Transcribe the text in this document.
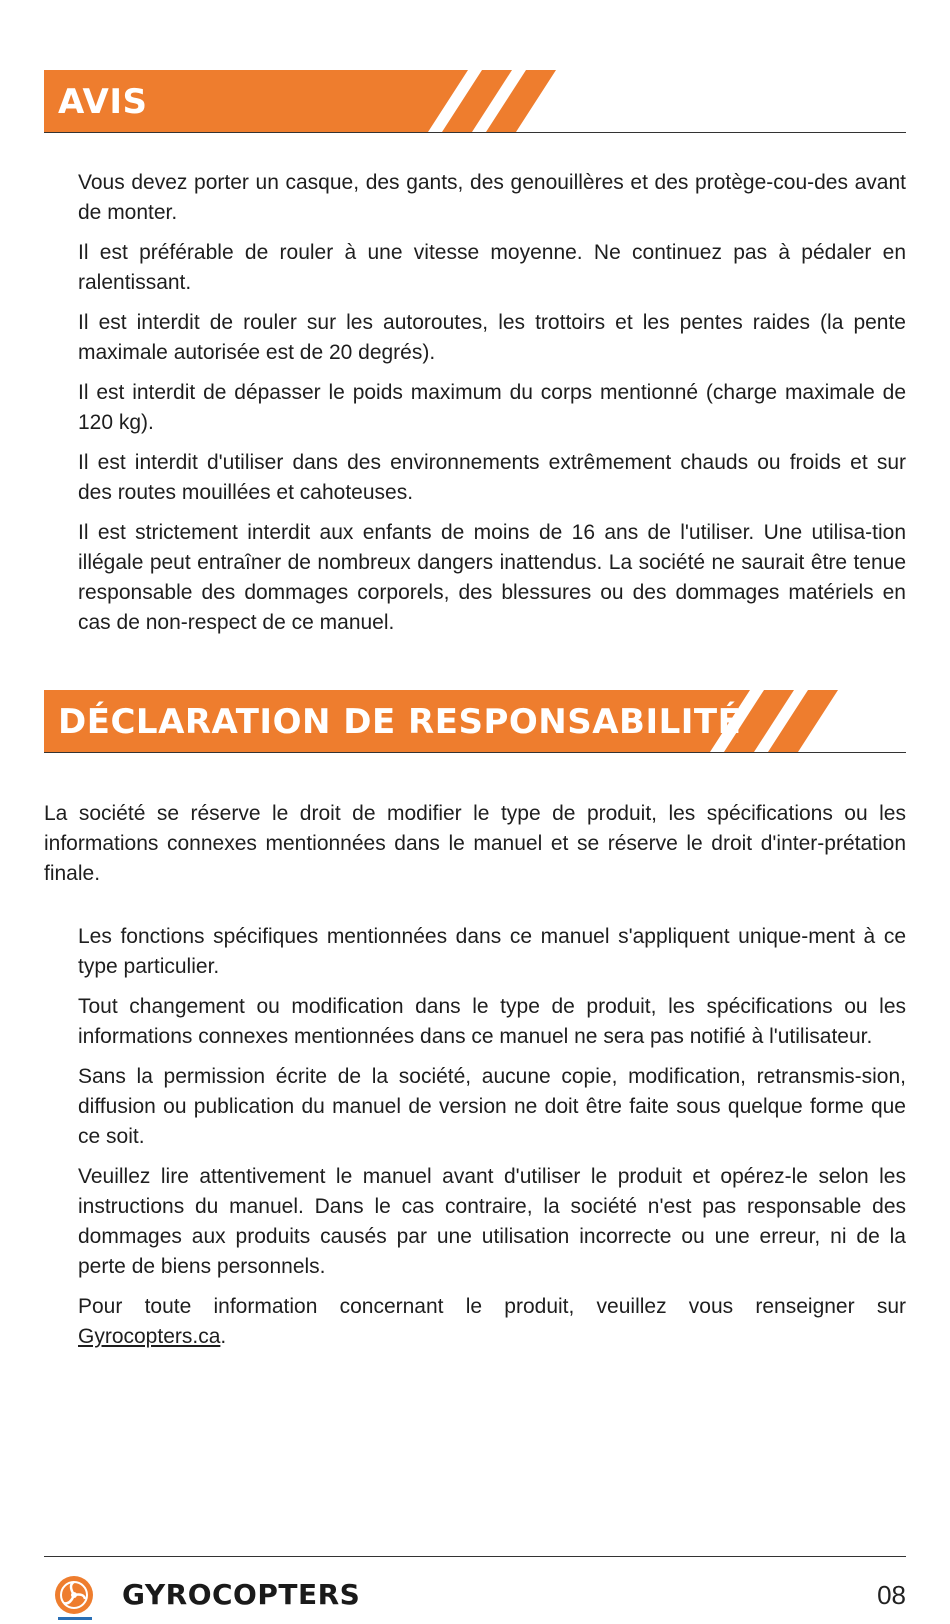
AVIS

Vous devez porter un casque, des gants, des genouillères et des protège-cou-des avant de monter.

Il est préférable de rouler à une vitesse moyenne. Ne continuez pas à pédaler en ralentissant.

Il est interdit de rouler sur les autoroutes, les trottoirs et les pentes raides (la pente maximale autorisée est de 20 degrés).

Il est interdit de dépasser le poids maximum du corps mentionné (charge maximale de 120 kg).

Il est interdit d'utiliser dans des environnements extrêmement chauds ou froids et sur des routes mouillées et cahoteuses.

Il est strictement interdit aux enfants de moins de 16 ans de l'utiliser. Une utilisa-tion illégale peut entraîner de nombreux dangers inattendus. La société ne saurait être tenue responsable des dommages corporels, des blessures ou des dommages matériels en cas de non-respect de ce manuel.

DÉCLARATION DE RESPONSABILITÉ

La société se réserve le droit de modifier le type de produit, les spécifications ou les informations connexes mentionnées dans le manuel et se réserve le droit d'inter-prétation finale.

Les fonctions spécifiques mentionnées dans ce manuel s'appliquent unique-ment à ce type particulier.

Tout changement ou modification dans le type de produit, les spécifications ou les informations connexes mentionnées dans ce manuel ne sera pas notifié à l'utilisateur.

Sans la permission écrite de la société, aucune copie, modification, retransmis-sion, diffusion ou publication du manuel de version ne doit être faite sous quelque forme que ce soit.

Veuillez lire attentivement le manuel avant d'utiliser le produit et opérez-le selon les instructions du manuel. Dans le cas contraire, la société n'est pas responsable des dommages aux produits causés par une utilisation incorrecte ou une erreur, ni de la perte de biens personnels.

Pour toute information concernant le produit, veuillez vous renseigner sur Gyrocopters.ca.

GYROCOPTERS	08
